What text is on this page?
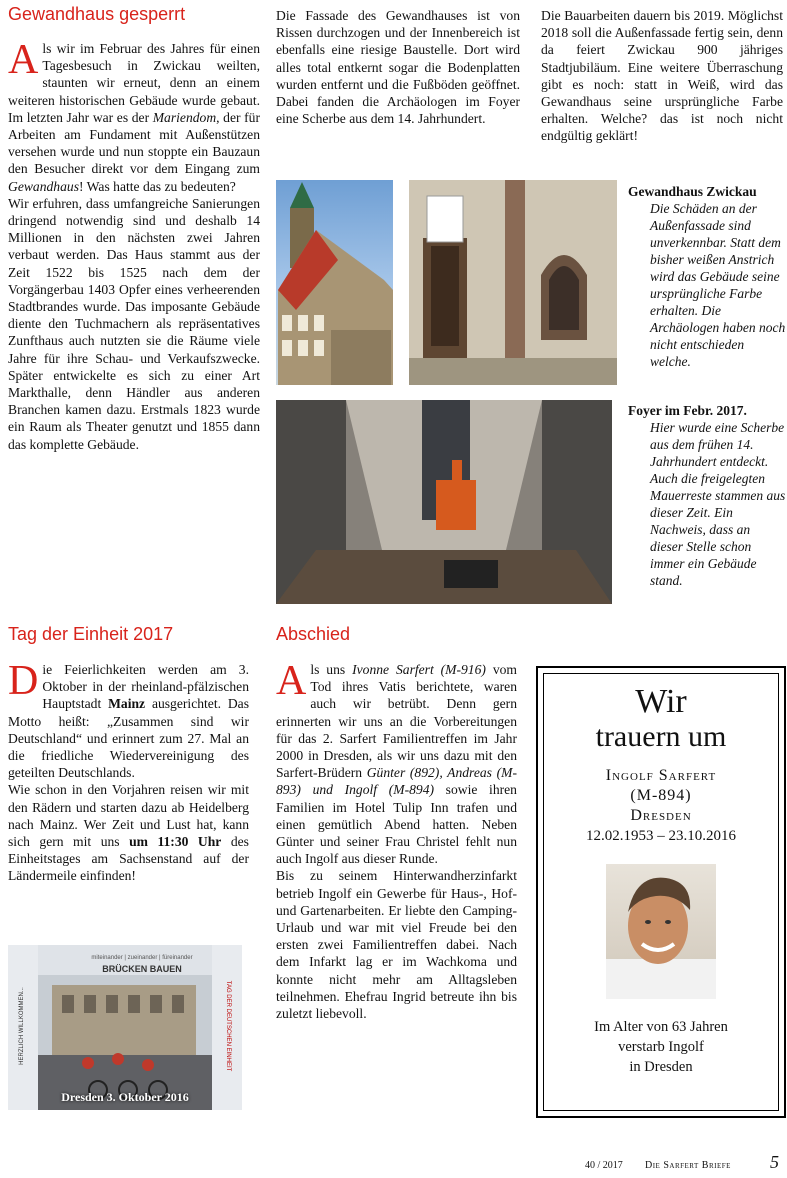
Gewandhaus gesperrt
Als wir im Februar des Jahres für einen Tagesbesuch in Zwickau weilten, staunten wir erneut, denn an einem weiteren historischen Gebäude wurde gebaut. Im letzten Jahr war es der Mariendom, der für Arbeiten am Fundament mit Außenstützen versehen wurde und nun stoppte ein Bauzaun den Besucher direkt vor dem Eingang zum Gewandhaus! Was hatte das zu bedeuten?
Wir erfuhren, dass umfangreiche Sanierungen dringend notwendig sind und deshalb 14 Millionen in den nächsten zwei Jahren verbaut werden. Das Haus stammt aus der Zeit 1522 bis 1525 nach dem der Vorgängerbau 1403 Opfer eines verheerenden Stadtbrandes wurde. Das imposante Gebäude diente den Tuchmachern als repräsentatives Zunfthaus auch nutzten sie die Räume viele Jahre für ihre Schau- und Verkaufszwecke. Später entwickelte es sich zu einer Art Markthalle, denn Händler aus anderen Branchen kamen dazu. Erstmals 1823 wurde ein Raum als Theater genutzt und 1855 dann das komplette Gebäude.
Die Fassade des Gewandhauses ist von Rissen durchzogen und der Innenbereich ist ebenfalls eine riesige Baustelle. Dort wird alles total entkernt sogar die Bodenplatten wurden entfernt und die Fußböden geöffnet. Dabei fanden die Archäologen im Foyer eine Scherbe aus dem 14. Jahrhundert.
Die Bauarbeiten dauern bis 2019. Möglichst 2018 soll die Außenfassade fertig sein, denn da feiert Zwickau 900 jähriges Stadtjubiläum. Eine weitere Überraschung gibt es noch: statt in Weiß, wird das Gewandhaus seine ursprüngliche Farbe erhalten. Welche? das ist noch nicht endgültig geklärt!
Gewandhaus Zwickau
Die Schäden an der Außenfassade sind unverkennbar. Statt dem bisher weißen Anstrich wird das Gebäude seine ursprüngliche Farbe erhalten. Die Archäologen haben noch nicht entschieden welche.
Foyer im Febr. 2017.
Hier wurde eine Scherbe aus dem frühen 14. Jahrhundert entdeckt. Auch die freigelegten Mauerreste stammen aus dieser Zeit. Ein Nachweis, dass an dieser Stelle schon immer ein Gebäude stand.
Tag der Einheit 2017
Die Feierlichkeiten werden am 3. Oktober in der rheinland-pfälzischen Hauptstadt Mainz ausgerichtet. Das Motto heißt: „Zusammen sind wir Deutschland“ und erinnert zum 27. Mal an die friedliche Wiedervereinigung des geteilten Deutschlands.
Wie schon in den Vorjahren reisen wir mit den Rädern und starten dazu ab Heidelberg nach Mainz. Wer Zeit und Lust hat, kann sich gern mit uns um 11:30 Uhr des Einheitstages am Sachsenstand auf der Ländermeile einfinden!
miteinander | zueinander | füreinander
BRÜCKEN BAUEN
HERZLICH WILLKOMMEN...	TAG DER DEUTSCHEN EINHEIT
Dresden 3. Oktober 2016
Abschied
Als uns Ivonne Sarfert (M-916) vom Tod ihres Vatis berichtete, waren auch wir betrübt. Denn gern erinnerten wir uns an die Vorbereitungen für das 2. Sarfert Familientreffen im Jahr 2000 in Dresden, als wir uns dazu mit den Sarfert-Brüdern Günter (892), Andreas (M-893) und Ingolf (M-894) sowie ihren Familien im Hotel Tulip Inn trafen und einen gemütlich Abend hatten. Neben Günter und seiner Frau Christel fehlt nun auch Ingolf aus dieser Runde.
Bis zu seinem Hinterwandherzinfarkt betrieb Ingolf ein Gewerbe für Haus-, Hof- und Gartenarbeiten. Er liebte den Camping-Urlaub und war mit viel Freude bei den ersten zwei Familientreffen dabei. Nach dem Infarkt lag er im Wachkoma und konnte nicht mehr am Alltagsleben teilnehmen. Ehefrau Ingrid betreute ihn bis zuletzt liebevoll.
Wir
trauern um
Ingolf Sarfert
(M-894)
Dresden
12.02.1953 – 23.10.2016
Im Alter von 63 Jahren
verstarb Ingolf
in Dresden
40 / 2017 Die Sarfert Briefe 5
